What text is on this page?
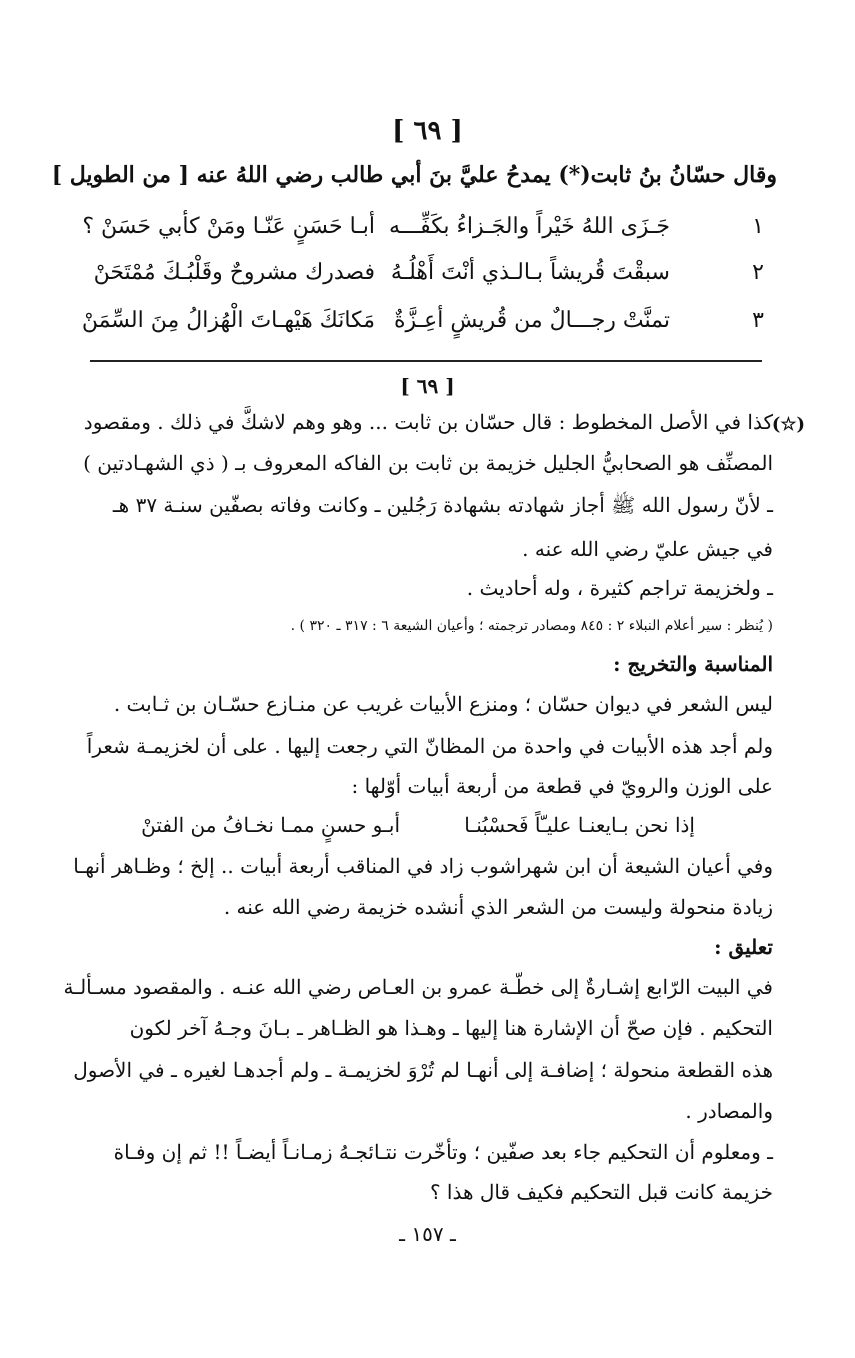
[ ٦٩ ]
وقال حسّانُ بنُ ثابت(*) يمدحُ عليَّ بنَ أبي طالب رضي اللهُ عنه [ من الطويل ]
١
جَـزَى اللهُ خَيْراً والجَـزاءُ بكَفِّـــه
أبـا حَسَنٍ عَنّـا ومَنْ كأبي حَسَنْ ؟
٢
سبقْتَ قُريشاً بـالـذي أنْتَ أَهْلُـهُ
فصدرك مشروحٌ وقَلْبُـكَ مُمْتَحَنْ
٣
تمنَّتْ رجـــالٌ من قُريشٍ أعِـزَّةٌ
مَكانَكَ هَيْهـاتَ الْهُزالُ مِنَ السِّمَنْ
[ ٦٩ ]
(☆)
كذا في الأصل المخطوط : قال حسّان بن ثابت ... وهو وهم لاشكَّ في ذلك . ومقصود
المصنِّف هو الصحابيُّ الجليل خزيمة بن ثابت بن الفاكه المعروف بـ ( ذي الشهـادتين )
ـ لأنّ رسول الله ﷺ أجاز شهادته بشهادة رَجُلين ـ وكانت وفاته بصفّين سنـة ٣٧ هـ
في جيش عليّ رضي الله عنه .
ـ ولخزيمة تراجم كثيرة ، وله أحاديث .
( يُنظر : سير أعلام النبلاء ٢ : ٨٤٥ ومصادر ترجمته ؛ وأعيان الشيعة ٦ : ٣١٧ ـ ٣٢٠ ) .
المناسبة والتخريج :
ليس الشعر في ديوان حسّان ؛ ومنزع الأبيات غريب عن منـازع حسّـان بن ثـابت .
ولم أجد هذه الأبيات في واحدة من المظانّ التي رجعت إليها . على أن لخزيمـة شعراً
على الوزن والرويّ في قطعة من أربعة أبيات أوّلها :
إذا نحن بـايعنـا عليـّاً فَحسْبُنـا
أبـو حسنٍ ممـا نخـافُ من الفتنْ
وفي أعيان الشيعة أن ابن شهراشوب زاد في المناقب أربعة أبيات .. إلخ ؛ وظـاهر أنهـا
زيادة منحولة وليست من الشعر الذي أنشده خزيمة رضي الله عنه .
تعليق :
في البيت الرّابع إشـارةٌ إلى خطّـة عمرو بن العـاص رضي الله عنـه . والمقصود مسـألـة
التحكيم . فإن صحّ أن الإشارة هنا إليها ـ وهـذا هو الظـاهر ـ بـانَ وجـهُ آخر لكون
هذه القطعة منحولة ؛ إضافـة إلى أنهـا لم تُرْوَ لخزيمـة ـ ولم أجدهـا لغيره ـ في الأصول
والمصادر .
ـ ومعلوم أن التحكيم جاء بعد صفّين ؛ وتأخّرت نتـائجـهُ زمـانـاً أيضـاً !! ثم إن وفـاة
خزيمة كانت قبل التحكيم فكيف قال هذا ؟
ـ ١٥٧ ـ
